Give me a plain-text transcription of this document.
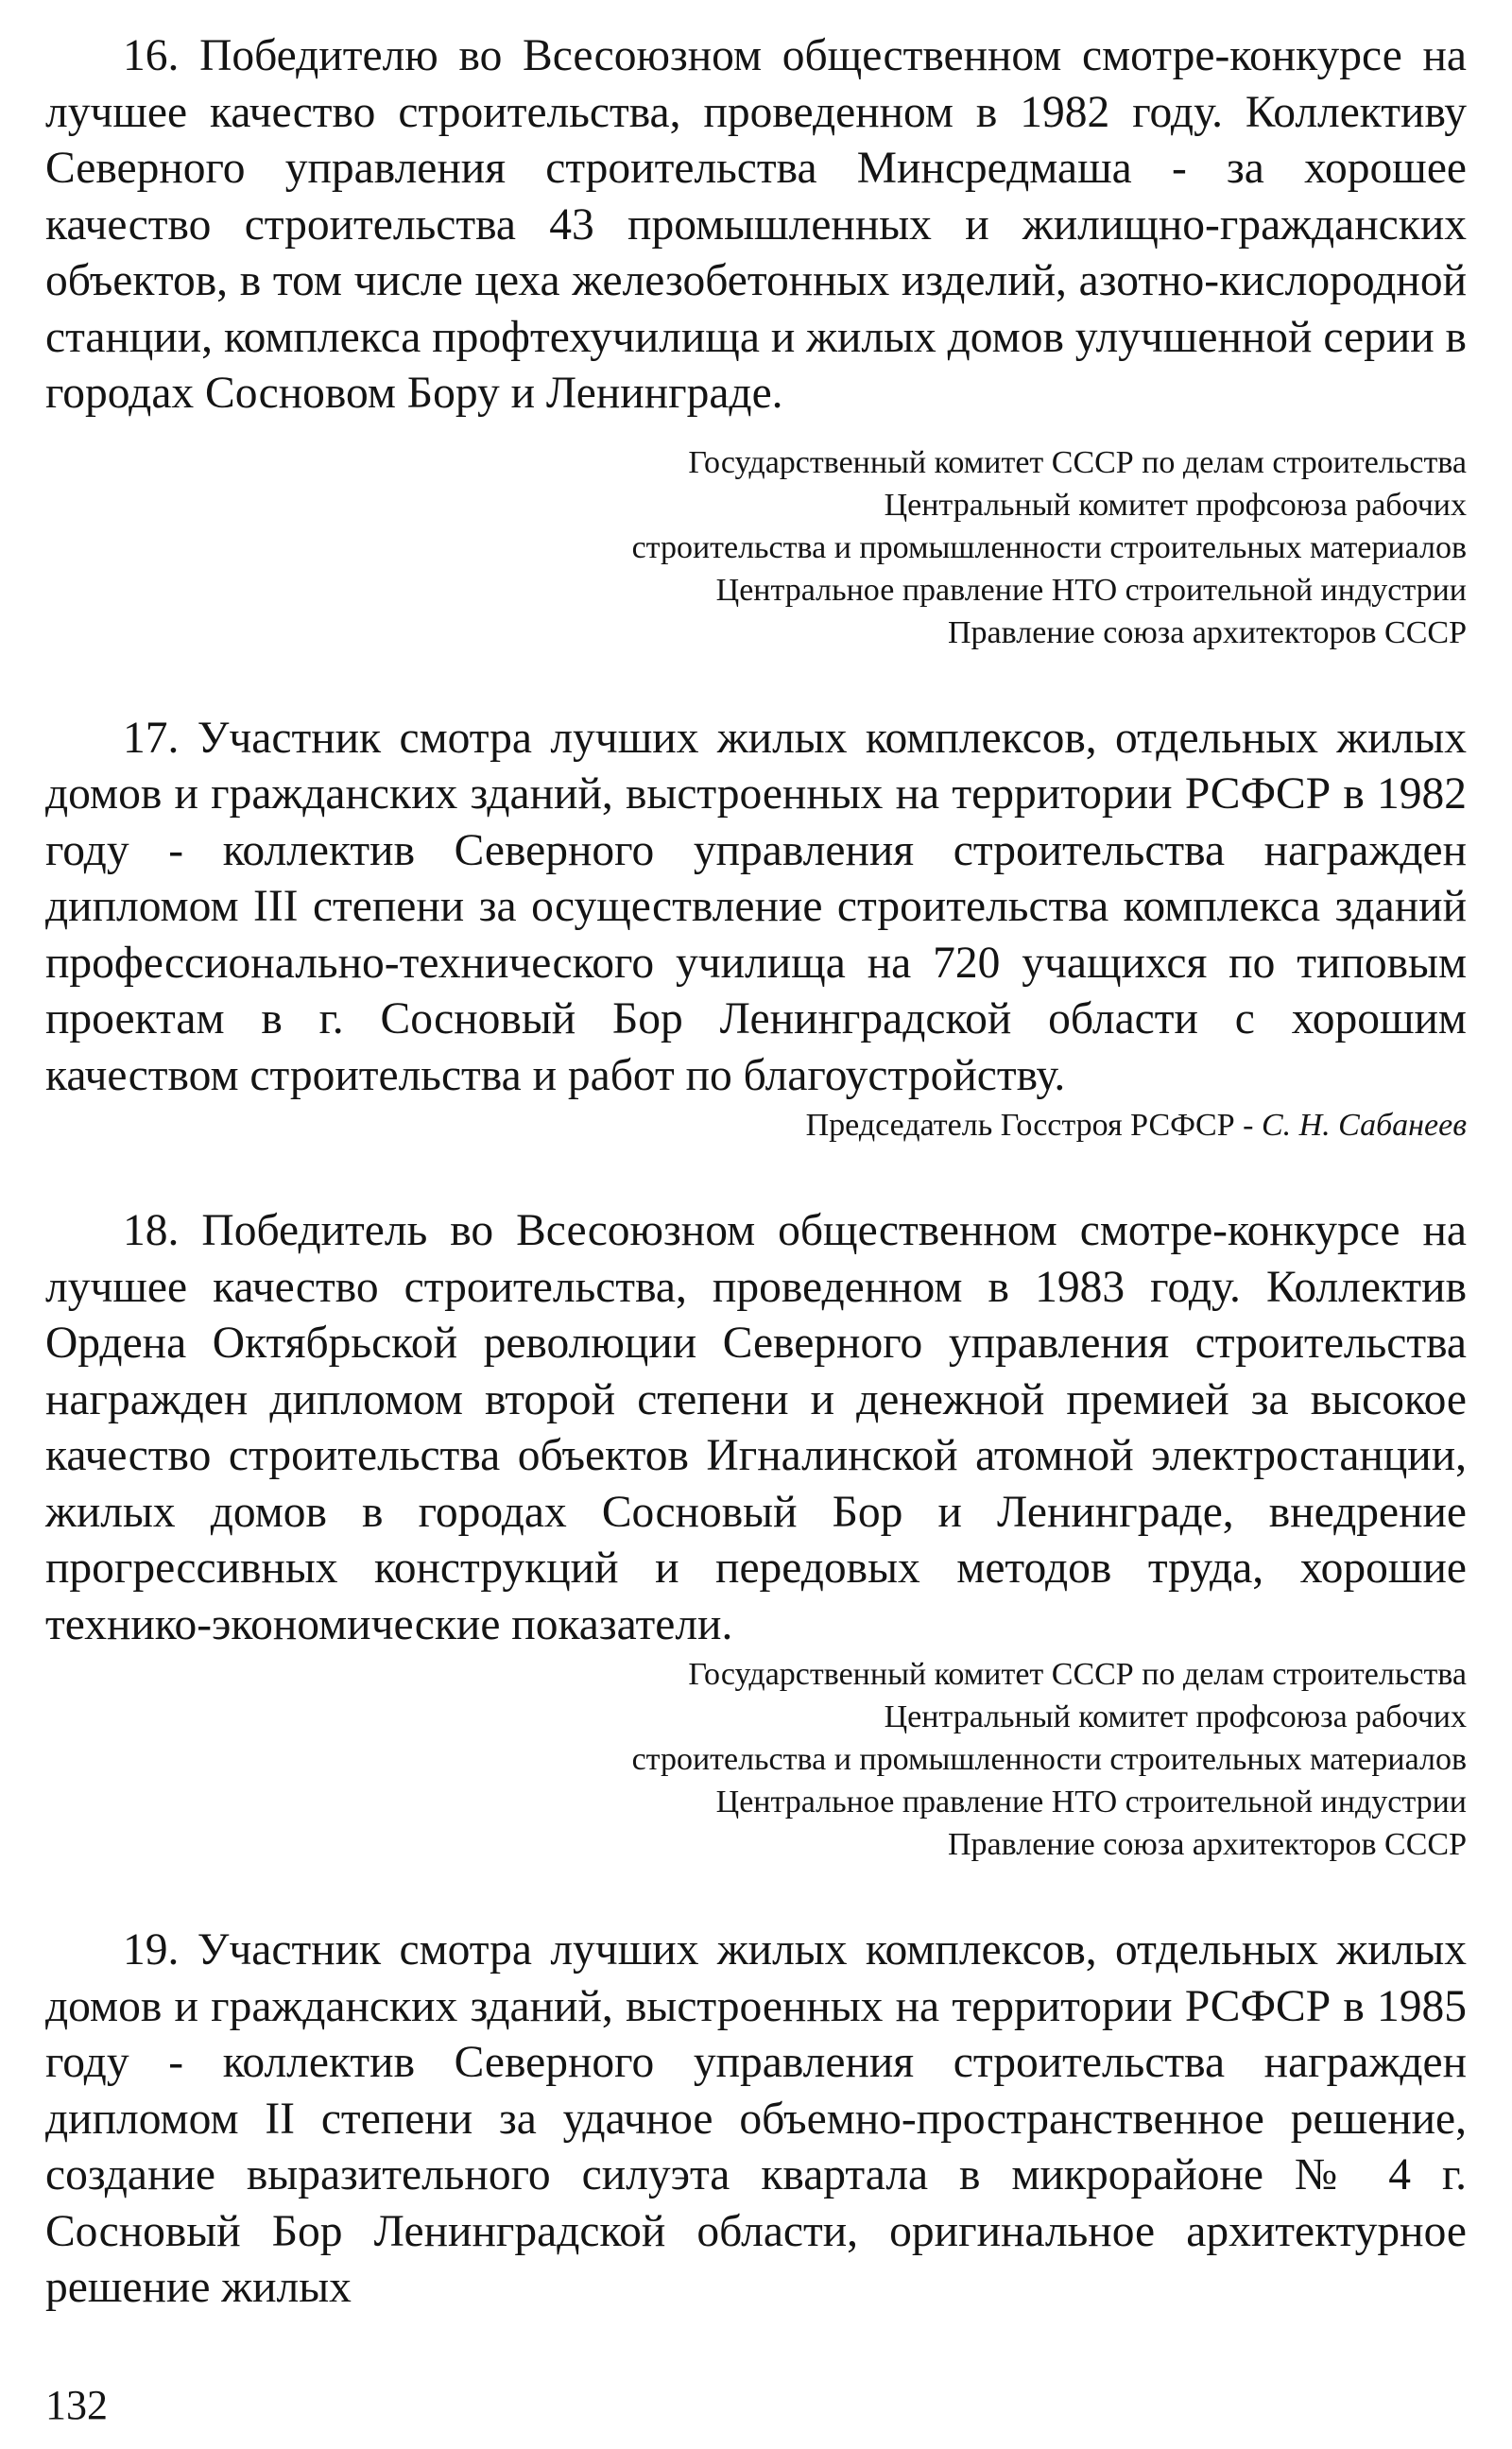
16. Победителю во Всесоюзном общественном смотре-конкурсе на лучшее качество строительства, проведенном в 1982 году. Коллективу Северного управления строительства Минсредмаша - за хорошее качество строительства 43 промышленных и жилищно-гражданских объектов, в том числе цеха железобетонных изделий, азотно-кислородной станции, комплекса профтехучилища и жилых домов улучшенной серии в городах Сосновом Бору и Ленинграде.

Государственный комитет СССР по делам строительства
Центральный комитет профсоюза рабочих
строительства и промышленности строительных материалов
Центральное правление НТО строительной индустрии
Правление союза архитекторов СССР

17. Участник смотра лучших жилых комплексов, отдельных жилых домов и гражданских зданий, выстроенных на территории РСФСР в 1982 году - коллектив Северного управления строительства награжден дипломом III степени за осуществление строительства комплекса зданий профессионально-технического училища на 720 учащихся по типовым проектам в г. Сосновый Бор Ленинградской области с хорошим качеством строительства и работ по благоустройству.

Председатель Госстроя РСФСР - С. Н. Сабанеев

18. Победитель во Всесоюзном общественном смотре-конкурсе на лучшее качество строительства, проведенном в 1983 году. Коллектив Ордена Октябрьской революции Северного управления строительства награжден дипломом второй степени и денежной премией за высокое качество строительства объектов Игналинской атомной электростанции, жилых домов в городах Сосновый Бор и Ленинграде, внедрение прогрессивных конструкций и передовых методов труда, хорошие технико-экономические показатели.

Государственный комитет СССР по делам строительства
Центральный комитет профсоюза рабочих
строительства и промышленности строительных материалов
Центральное правление НТО строительной индустрии
Правление союза архитекторов СССР

19. Участник смотра лучших жилых комплексов, отдельных жилых домов и гражданских зданий, выстроенных на территории РСФСР в 1985 году - коллектив Северного управления строительства награжден дипломом II степени за удачное объемно-пространственное решение, создание выразительного силуэта квартала в микрорайоне № 4 г. Сосновый Бор Ленинградской области, оригинальное архитектурное решение жилых

132
